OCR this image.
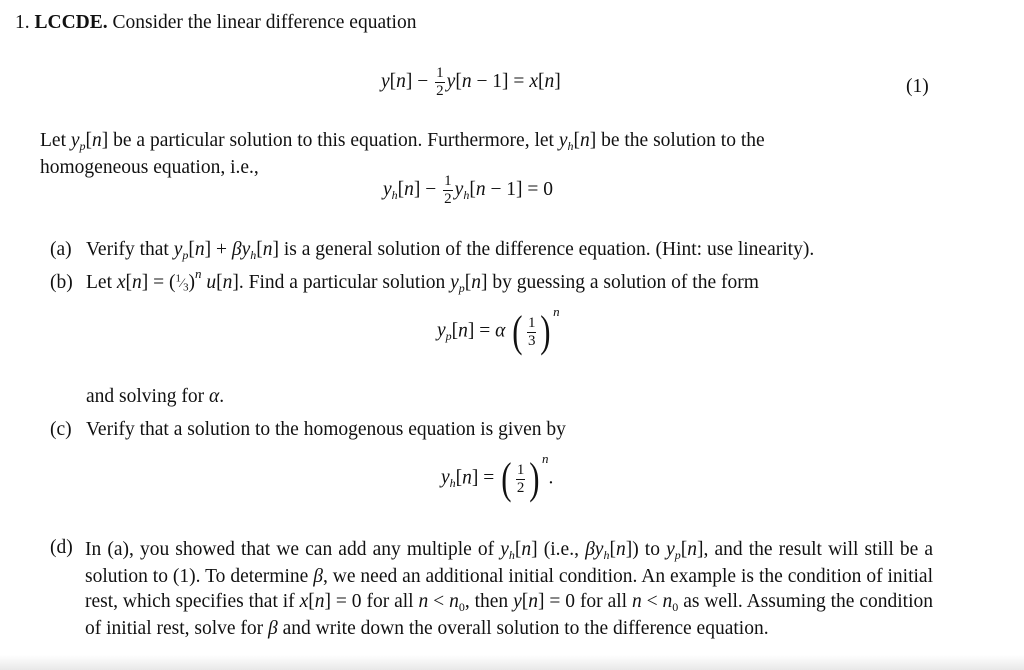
1. LCCDE. Consider the linear difference equation
$y[n] - \frac{1}{2} y[n - 1] = x[n]$	(1)
Let $y_p[n]$ be a particular solution to this equation. Furthermore, let $y_h[n]$ be the solution to the
homogeneous equation, i.e.,
$y_h[n] - \frac{1}{2} y_h[n - 1] = 0$
(a) Verify that $y_p[n] + \beta y_h[n]$ is a general solution of the difference equation. (Hint: use linearity).
(b) Let $x[n] = (^1⁄_3)^n$ u[n]. Find a particular solution $y_p[n]$ by guessing a solution of the form
$y_p[n] = \alpha$ ( $\frac{1}{3}$ ) $^n$
and solving for α.
(c) Verify that a solution to the homogenous equation is given by
$y_h[n]$ = ( $\frac{1}{2}$ ) $^n$.
(d) In (a), you showed that we can add any multiple of $y_h[n]$ (i.e., $\beta y_h[n]$) to $y_p[n]$, and the result will still be a solution to (1). To determine β, we need an additional initial condition. An example is the condition of initial rest, which specifies that if x[n] = 0 for all $n < n_0$, then y[n] = 0 for all $n < n_0$ as well. Assuming the condition of initial rest, solve for β and write down the overall solution to the difference equation.
